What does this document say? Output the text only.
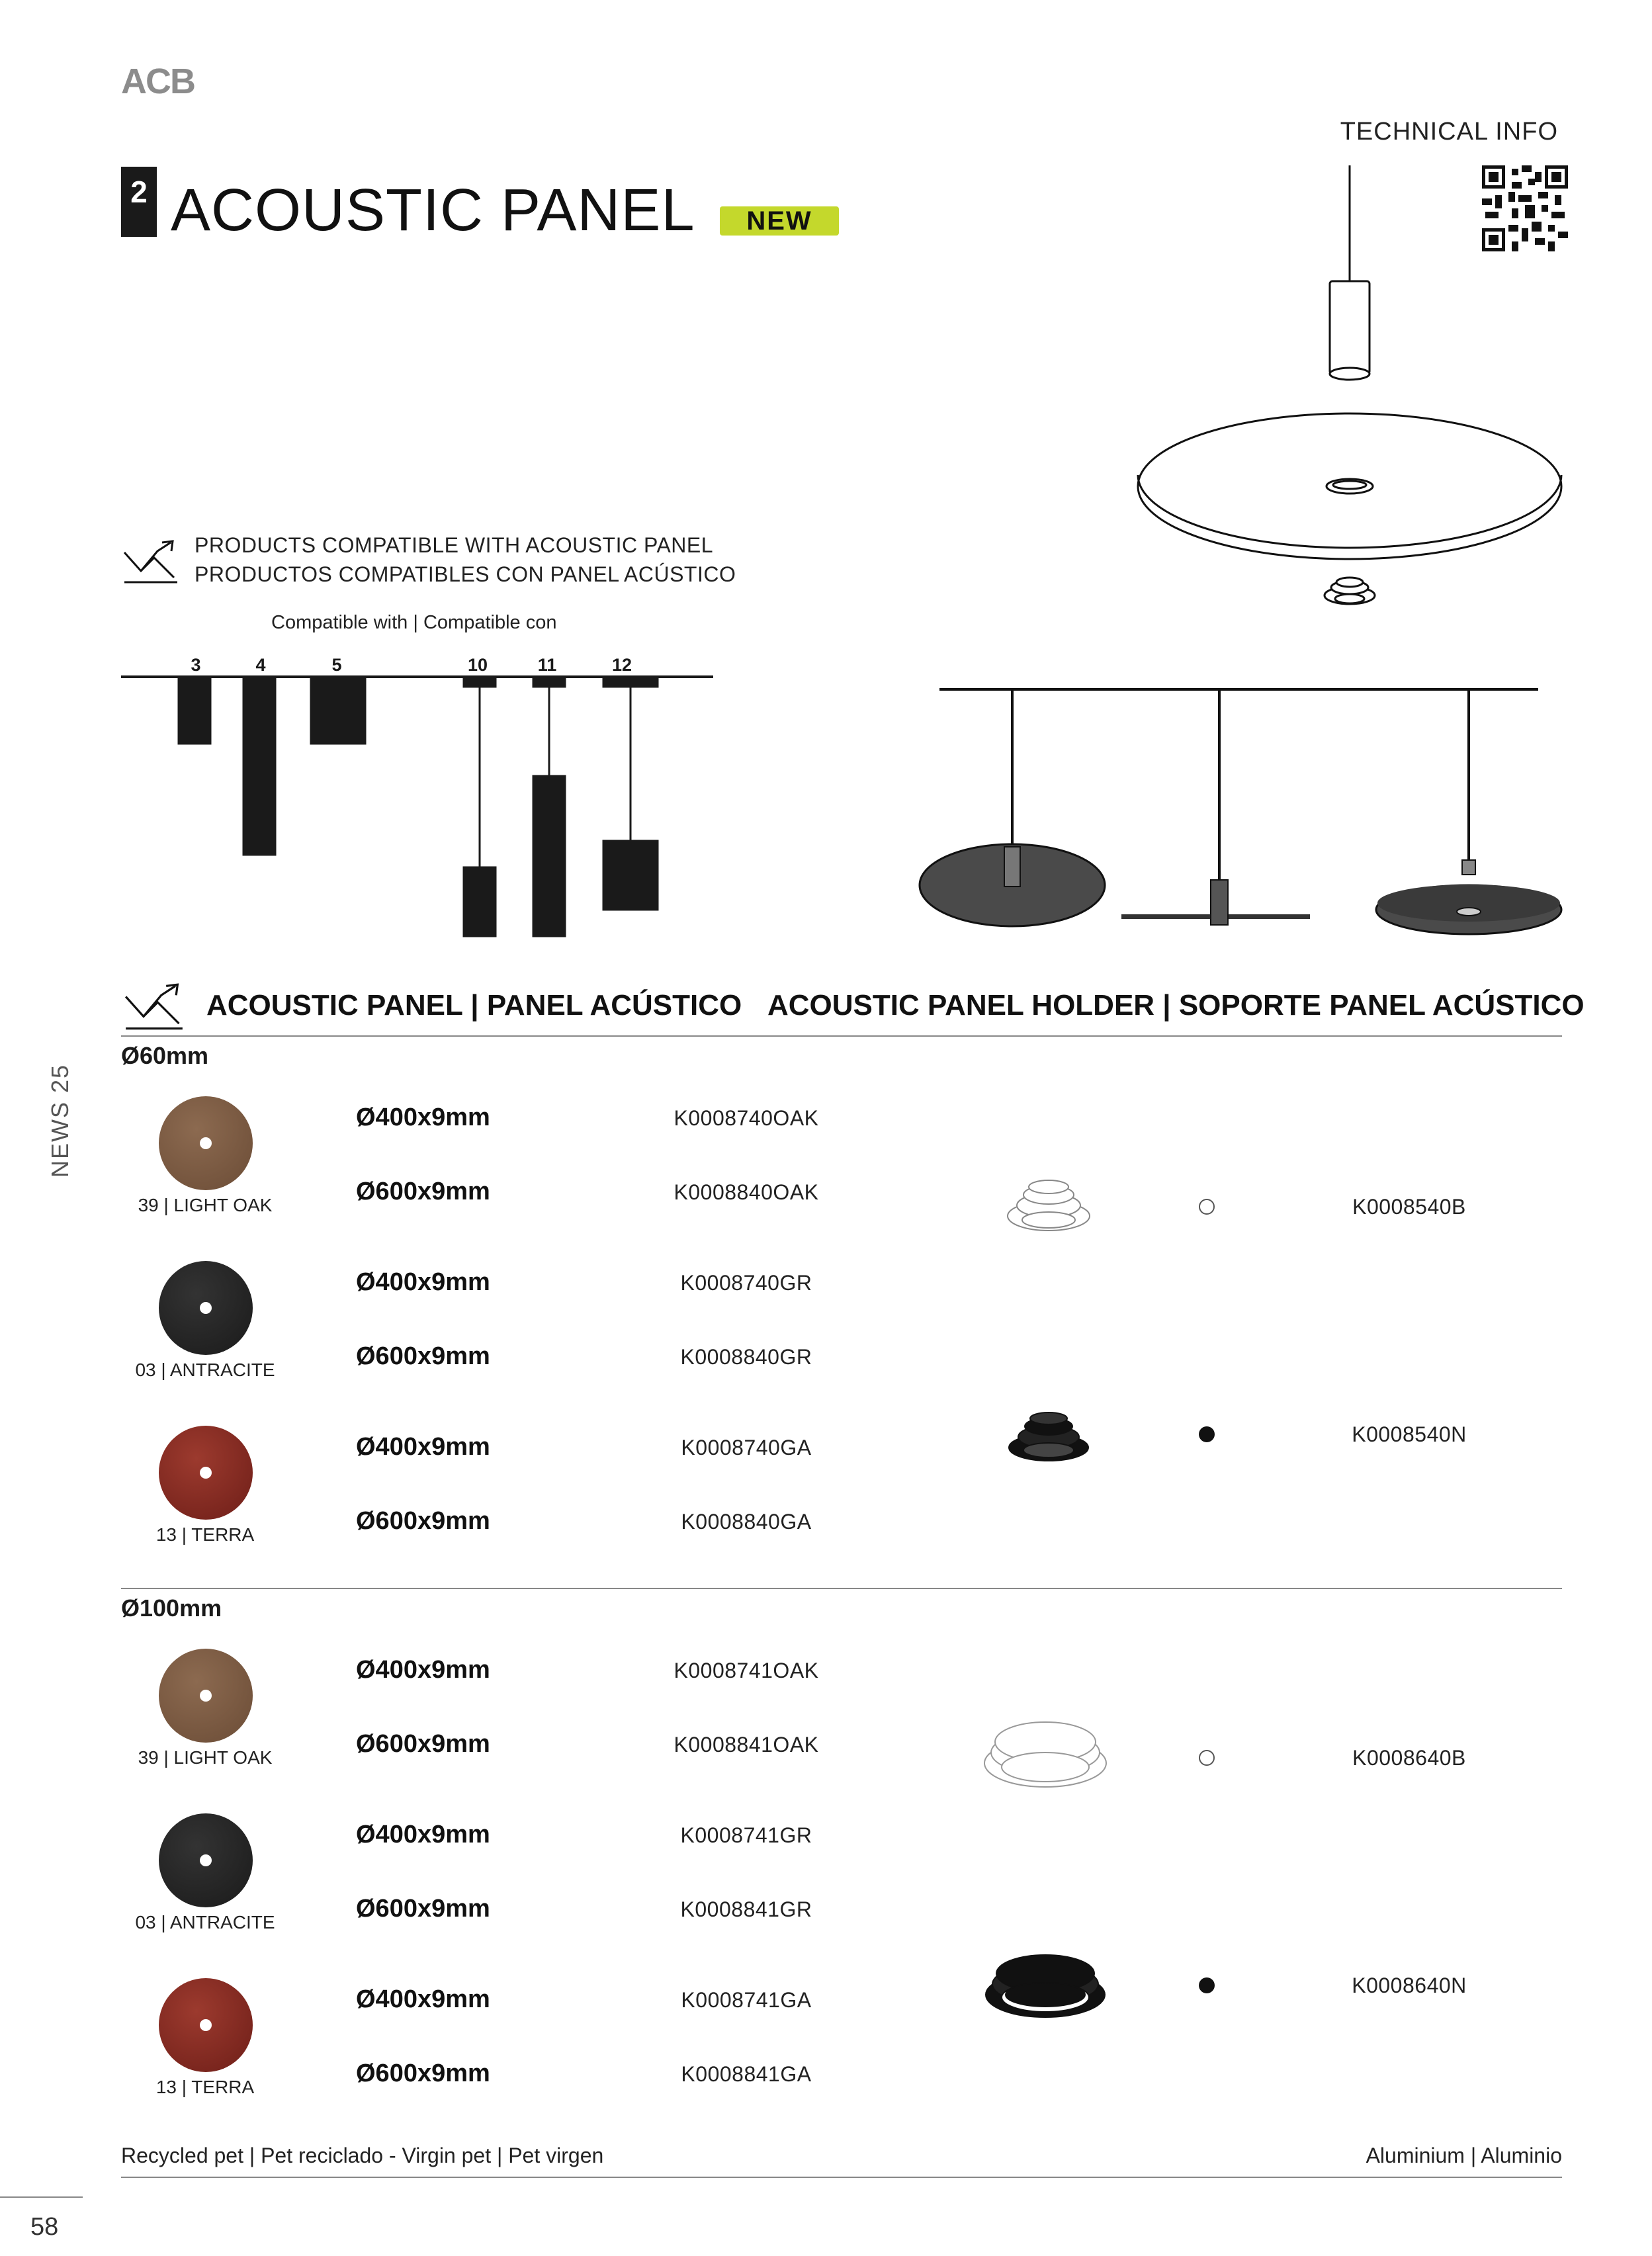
ACB
TECHNICAL INFO
2 ACOUSTIC PANEL	NEW
PRODUCTS COMPATIBLE WITH ACOUSTIC PANEL
PRODUCTOS COMPATIBLES CON PANEL ACÚSTICO
Compatible with | Compatible con
3	4	5	10	11	12
ACOUSTIC PANEL | PANEL ACÚSTICO ACOUSTIC PANEL HOLDER | SOPORTE PANEL ACÚSTICO
Ø60mm
39 | LIGHT OAK
Ø400x9mm	K0008740OAK
Ø600x9mm	K0008840OAK
03 | ANTRACITE
Ø400x9mm	K0008740GR
Ø600x9mm	K0008840GR
13 | TERRA
Ø400x9mm	K0008740GA
Ø600x9mm	K0008840GA
K0008540B
K0008540N
Ø100mm
39 | LIGHT OAK
Ø400x9mm	K0008741OAK
Ø600x9mm	K0008841OAK
03 | ANTRACITE
Ø400x9mm	K0008741GR
Ø600x9mm	K0008841GR
13 | TERRA
Ø400x9mm	K0008741GA
Ø600x9mm	K0008841GA
K0008640B
K0008640N
Recycled pet | Pet reciclado - Virgin pet | Pet virgen	Aluminium | Aluminio
NEWS 25
58
